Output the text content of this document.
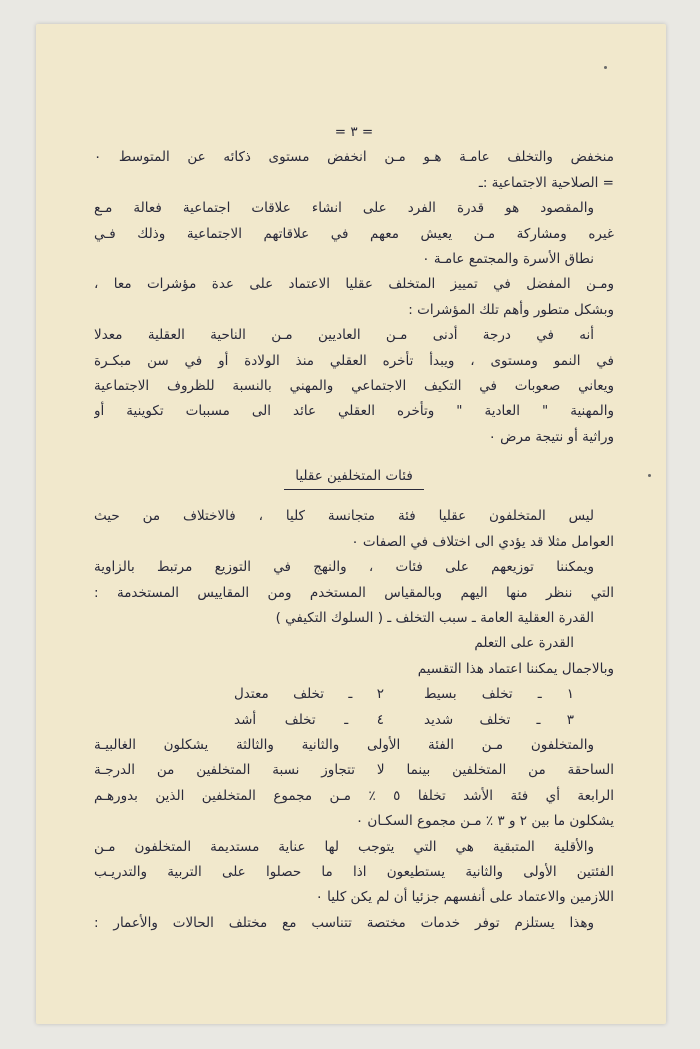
= ٣ =
منخفض والتخلف عامـة هـو مـن انخفض مستوى ذكائه عن المتوسط ٠
= الصلاحية الاجتماعية :ـ
والمقصود هو قدرة الفرد على انشاء علاقات اجتماعية فعالة مـع
غيره ومشاركة مـن يعيش معهم في علاقاتهم الاجتماعية وذلك فـي
نطاق الأسرة والمجتمع عامـة ٠
ومـن المفضل في تمييز المتخلف عقليا الاعتماد على عدة مؤشرات معا ،
وبشكل متطور وأهم تلك المؤشرات :
أنه في درجة أدنى مـن العاديين مـن الناحية العقلية معدلا
في النمو ومستوى ، ويبدأ تأخره العقلي منذ الولادة أو في سن مبكـرة
ويعاني صعوبات في التكيف الاجتماعي والمهني بالنسبة للظروف الاجتماعية
والمهنية " العادية " وتأخره العقلي عائد الى مسببات تكوينية أو
وراثية أو نتيجة مرض ٠
فئات المتخلفين عقليا
ليس المتخلفون عقليا فئة متجانسة كليا ، فالاختلاف من حيث
العوامل مثلا قد يؤدي الى اختلاف في الصفات ٠
ويمكننا توزيعهم على فئات ، والنهج في التوزيع مرتبط بالزاوية
التي ننظر منها اليهم وبالمقياس المستخدم ومن المقاييس المستخدمة :
القدرة العقلية العامة ـ سبب التخلف ـ ( السلوك التكيفي )
القدرة على التعلم
وبالاجمال يمكننا اعتماد هذا التقسيم
١ ـ تخلف بسيط
٢ ـ تخلف معتدل
٣ ـ تخلف شديد
٤ ـ تخلف أشد
والمتخلفون مـن الفئة الأولى والثانية والثالثة يشكلون الغالبيـة
الساحقة من المتخلفين بينما لا تتجاوز نسبة المتخلفين من الدرجـة
الرابعة أي فئة الأشد تخلفا ٥ ٪ مـن مجموع المتخلفين الذين بدورهـم
يشكلون ما بين ٢ و ٣ ٪ مـن مجموع السكـان ٠
والأقلية المتبقية هي التي يتوجب لها عناية مستديمة المتخلفون مـن
الفئتين الأولى والثانية يستطيعون اذا ما حصلوا على التربية والتدريـب
اللازمين والاعتماد على أنفسهم جزئيا أن لم يكن كليا ٠
وهذا يستلزم توفر خدمات مختصة تتناسب مع مختلف الحالات والأعمار :
